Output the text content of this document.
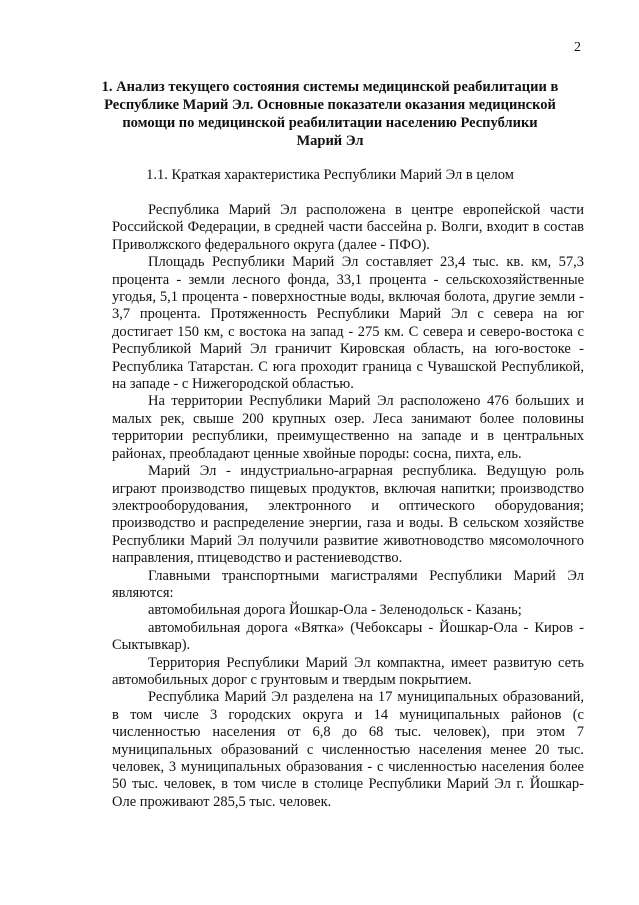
2
1. Анализ текущего состояния системы медицинской реабилитации в Республике Марий Эл. Основные показатели оказания медицинской помощи по медицинской реабилитации населению Республики Марий Эл
1.1. Краткая характеристика Республики Марий Эл в целом

Республика Марий Эл расположена в центре европейской части Российской Федерации, в средней части бассейна р. Волги, входит в состав Приволжского федерального округа (далее - ПФО).

Площадь Республики Марий Эл составляет 23,4 тыс. кв. км, 57,3 процента - земли лесного фонда, 33,1 процента - сельскохозяйственные угодья, 5,1 процента - поверхностные воды, включая болота, другие земли - 3,7 процента. Протяженность Республики Марий Эл с севера на юг достигает 150 км, с востока на запад - 275 км. С севера и северо-востока с Республикой Марий Эл граничит Кировская область, на юго-востоке - Республика Татарстан. С юга проходит граница с Чувашской Республикой, на западе - с Нижегородской областью.

На территории Республики Марий Эл расположено 476 больших и малых рек, свыше 200 крупных озер. Леса занимают более половины территории республики, преимущественно на западе и в центральных районах, преобладают ценные хвойные породы: сосна, пихта, ель.

Марий Эл - индустриально-аграрная республика. Ведущую роль играют производство пищевых продуктов, включая напитки; производство электрооборудования, электронного и оптического оборудования; производство и распределение энергии, газа и воды. В сельском хозяйстве Республики Марий Эл получили развитие животноводство мясомолочного направления, птицеводство и растениеводство.

Главными транспортными магистралями Республики Марий Эл являются:

автомобильная дорога Йошкар-Ола - Зеленодольск - Казань;

автомобильная дорога «Вятка» (Чебоксары - Йошкар-Ола - Киров - Сыктывкар).

Территория Республики Марий Эл компактна, имеет развитую сеть автомобильных дорог с грунтовым и твердым покрытием.

Республика Марий Эл разделена на 17 муниципальных образований, в том числе 3 городских округа и 14 муниципальных районов (с численностью населения от 6,8 до 68 тыс. человек), при этом 7 муниципальных образований с численностью населения менее 20 тыс. человек, 3 муниципальных образования - с численностью населения более 50 тыс. человек, в том числе в столице Республики Марий Эл г. Йошкар-Оле проживают 285,5 тыс. человек.
